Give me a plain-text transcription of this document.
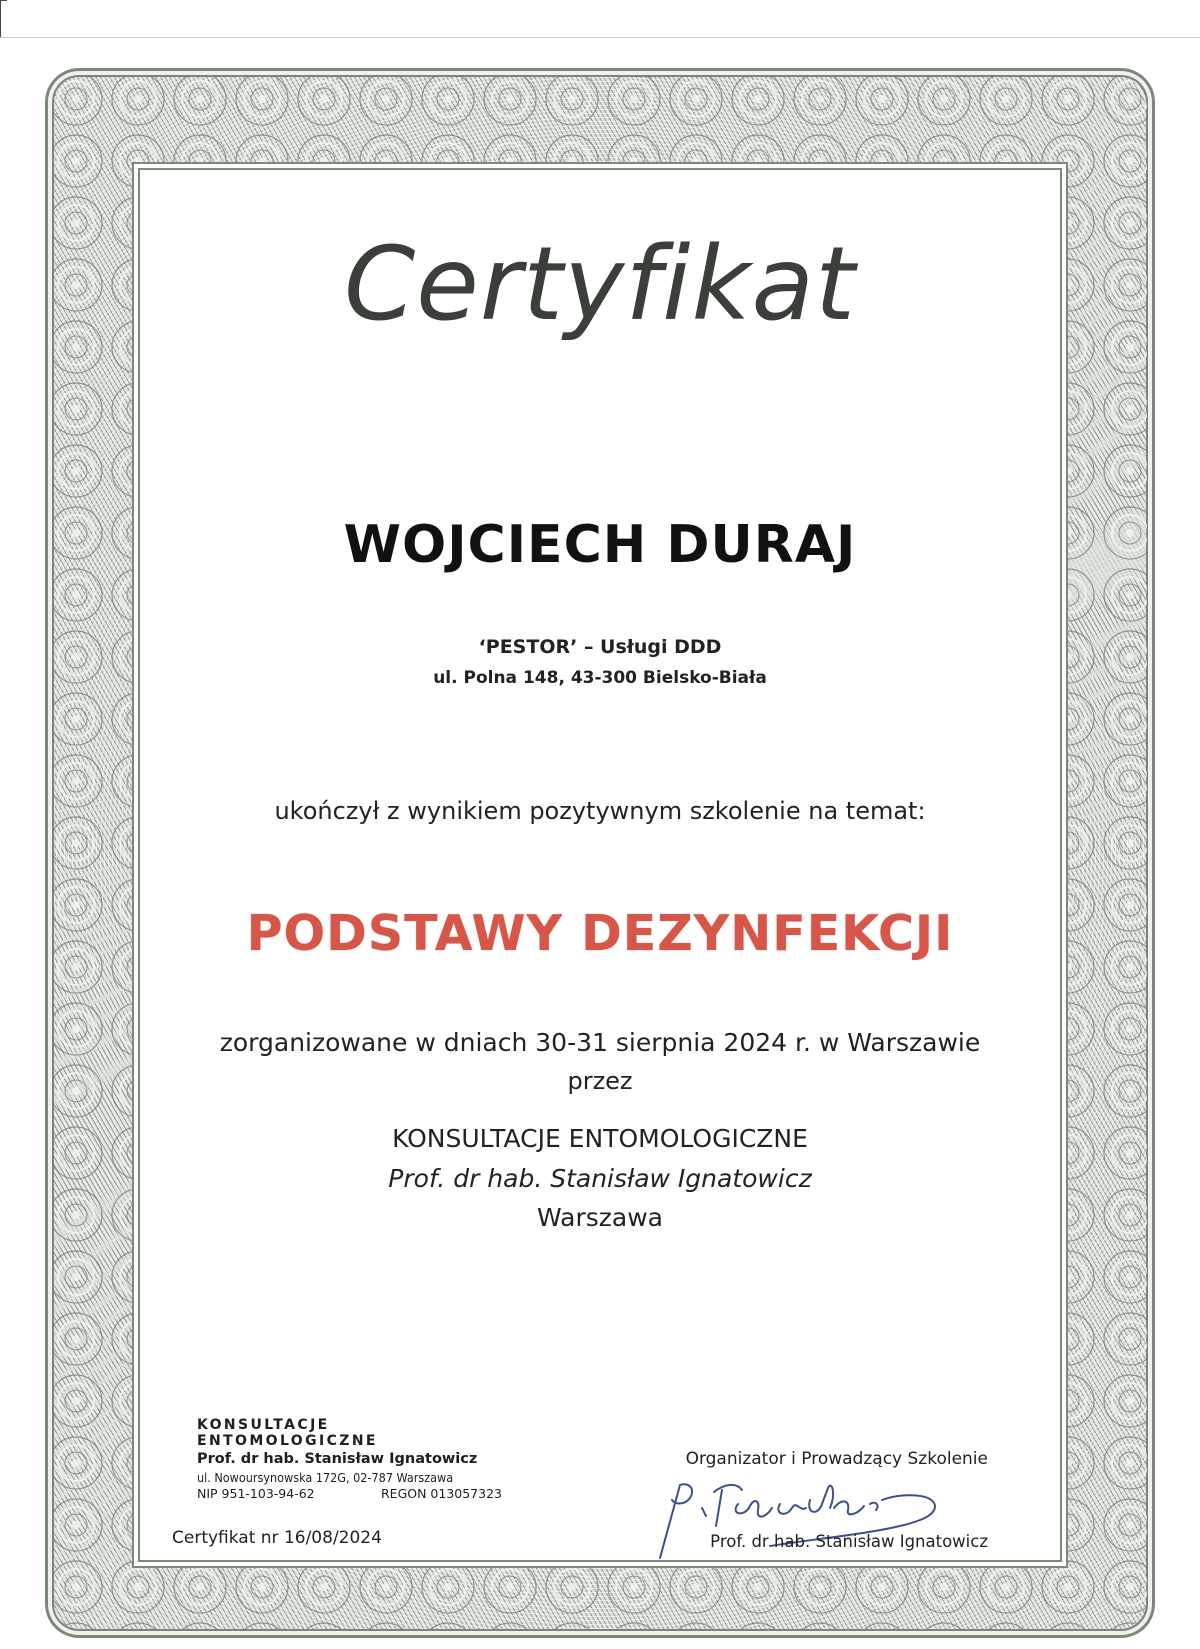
Certyfikat
WOJCIECH DURAJ
‘PESTOR’ – Usługi DDD
ul. Polna 148, 43-300 Bielsko-Biała
ukończył z wynikiem pozytywnym szkolenie na temat:
PODSTAWY DEZYNFEKCJI
zorganizowane w dniach 30-31 sierpnia 2024 r. w Warszawie
przez
KONSULTACJE ENTOMOLOGICZNE
Prof. dr hab. Stanisław Ignatowicz
Warszawa
KONSULTACJE ENTOMOLOGICZNE
Prof. dr hab. Stanisław Ignatowicz
ul. Nowoursynowska 172G, 02-787 Warszawa
NIP 951-103-94-62	REGON 013057323
Organizator i Prowadzący Szkolenie
Prof. dr hab. Stanisław Ignatowicz
Certyfikat nr 16/08/2024
